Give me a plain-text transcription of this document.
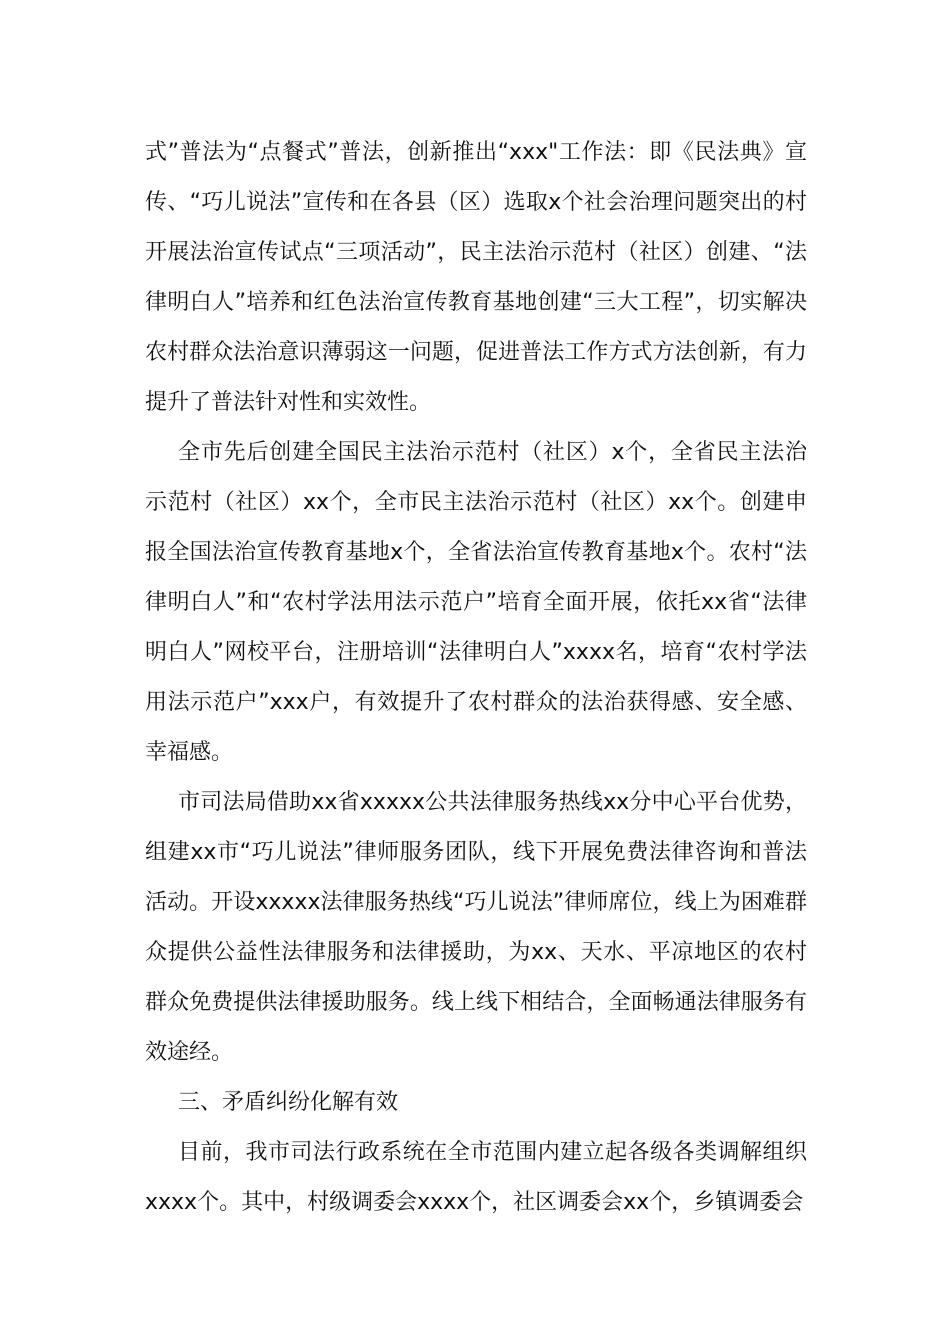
式”普法为“点餐式”普法，创新推出“xxx"工作法：即《民法典》宣传、“巧儿说法”宣传和在各县（区）选取x个社会治理问题突出的村开展法治宣传试点“三项活动”，民主法治示范村（社区）创建、“法律明白人”培养和红色法治宣传教育基地创建“三大工程”，切实解决农村群众法治意识薄弱这一问题，促进普法工作方式方法创新，有力提升了普法针对性和实效性。

全市先后创建全国民主法治示范村（社区）x个，全省民主法治示范村（社区）xx个，全市民主法治示范村（社区）xx个。创建申报全国法治宣传教育基地x个，全省法治宣传教育基地x个。农村“法律明白人”和“农村学法用法示范户”培育全面开展，依托xx省“法律明白人”网校平台，注册培训“法律明白人”xxxx名，培育“农村学法用法示范户”xxx户，有效提升了农村群众的法治获得感、安全感、幸福感。

市司法局借助xx省xxxxx公共法律服务热线xx分中心平台优势，组建xx市“巧儿说法”律师服务团队，线下开展免费法律咨询和普法活动。开设xxxxx法律服务热线“巧儿说法”律师席位，线上为困难群众提供公益性法律服务和法律援助，为xx、天水、平凉地区的农村群众免费提供法律援助服务。线上线下相结合，全面畅通法律服务有效途经。

三、矛盾纠纷化解有效

目前，我市司法行政系统在全市范围内建立起各级各类调解组织xxxx个。其中，村级调委会xxxx个，社区调委会xx个，乡镇调委会
